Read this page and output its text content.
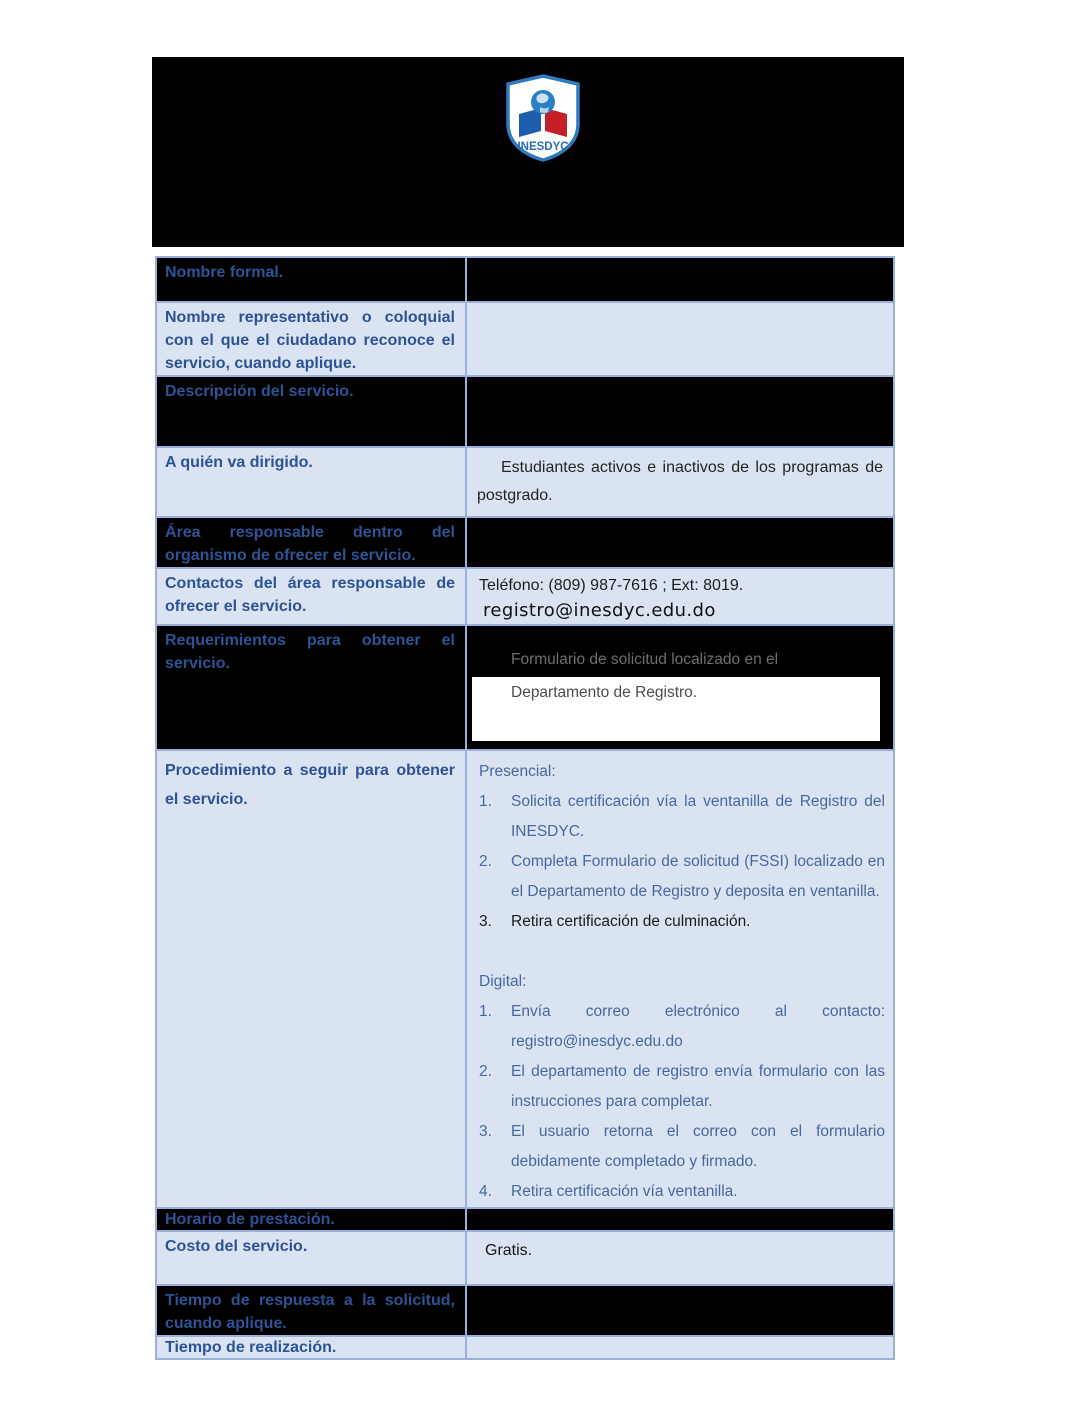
INESDYC
Nombre formal.	

Nombre representativo o coloquial con el que el ciudadano reconoce el servicio, cuando aplique.	

Descripción del servicio.	

A quién va dirigido.	Estudiantes activos e inactivos de los programas de postgrado.

Área responsable dentro del organismo de ofrecer el servicio.	

Contactos del área responsable de ofrecer el servicio.	Teléfono: (809) 987-7616 ; Ext: 8019.
registro@inesdyc.edu.do

Requerimientos para obtener el servicio.	Formulario de solicitud localizado en el
Departamento de Registro.

Procedimiento a seguir para obtener el servicio.

Presencial:
1.	Solicita certificación vía la ventanilla de Registro del INESDYC.
2.	Completa Formulario de solicitud (FSSI) localizado en el Departamento de Registro y deposita en ventanilla.
3.	Retira certificación de culminación.
Digital:
1.	Envía correo electrónico al contacto: registro@inesdyc.edu.do
2.	El departamento de registro envía formulario con las instrucciones para completar.
3.	El usuario retorna el correo con el formulario debidamente completado y firmado.
4.	Retira certificación vía ventanilla.

Horario de prestación.	

Costo del servicio.	Gratis.

Tiempo de respuesta a la solicitud, cuando aplique.	

Tiempo de realización.	
